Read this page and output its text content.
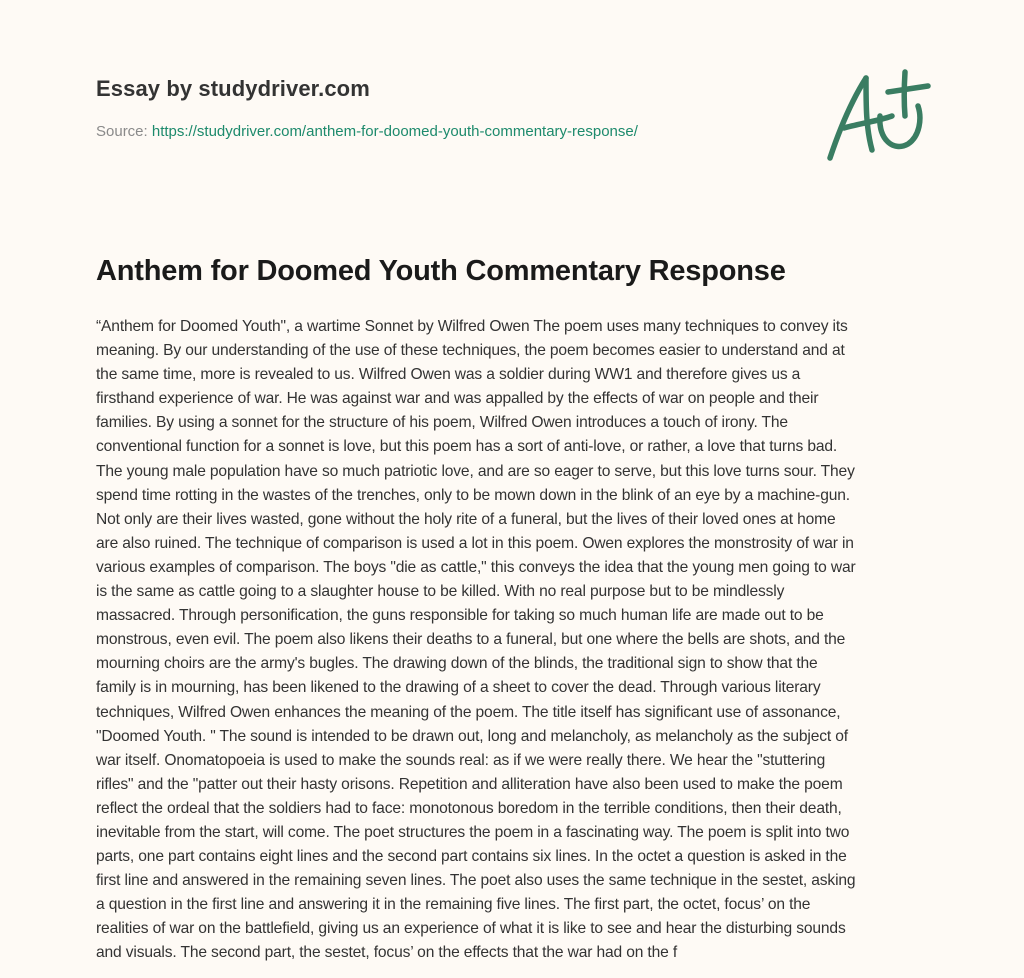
Essay by studydriver.com
Source: https://studydriver.com/anthem-for-doomed-youth-commentary-response/
Anthem for Doomed Youth Commentary Response
“Anthem for Doomed Youth", a wartime Sonnet by Wilfred Owen The poem uses many techniques to convey its
meaning. By our understanding of the use of these techniques, the poem becomes easier to understand and at
the same time, more is revealed to us. Wilfred Owen was a soldier during WW1 and therefore gives us a
firsthand experience of war. He was against war and was appalled by the effects of war on people and their
families. By using a sonnet for the structure of his poem, Wilfred Owen introduces a touch of irony. The
conventional function for a sonnet is love, but this poem has a sort of anti-love, or rather, a love that turns bad.
The young male population have so much patriotic love, and are so eager to serve, but this love turns sour. They
spend time rotting in the wastes of the trenches, only to be mown down in the blink of an eye by a machine-gun.
Not only are their lives wasted, gone without the holy rite of a funeral, but the lives of their loved ones at home
are also ruined. The technique of comparison is used a lot in this poem. Owen explores the monstrosity of war in
various examples of comparison. The boys "die as cattle," this conveys the idea that the young men going to war
is the same as cattle going to a slaughter house to be killed. With no real purpose but to be mindlessly
massacred. Through personification, the guns responsible for taking so much human life are made out to be
monstrous, even evil. The poem also likens their deaths to a funeral, but one where the bells are shots, and the
mourning choirs are the army's bugles. The drawing down of the blinds, the traditional sign to show that the
family is in mourning, has been likened to the drawing of a sheet to cover the dead. Through various literary
techniques, Wilfred Owen enhances the meaning of the poem. The title itself has significant use of assonance,
"Doomed Youth. " The sound is intended to be drawn out, long and melancholy, as melancholy as the subject of
war itself. Onomatopoeia is used to make the sounds real: as if we were really there. We hear the "stuttering
rifles" and the "patter out their hasty orisons. Repetition and alliteration have also been used to make the poem
reflect the ordeal that the soldiers had to face: monotonous boredom in the terrible conditions, then their death,
inevitable from the start, will come. The poet structures the poem in a fascinating way. The poem is split into two
parts, one part contains eight lines and the second part contains six lines. In the octet a question is asked in the
first line and answered in the remaining seven lines. The poet also uses the same technique in the sestet, asking
a question in the first line and answering it in the remaining five lines. The first part, the octet, focus’ on the
realities of war on the battlefield, giving us an experience of what it is like to see and hear the disturbing sounds
and visuals. The second part, the sestet, focus’ on the effects that the war had on the f
